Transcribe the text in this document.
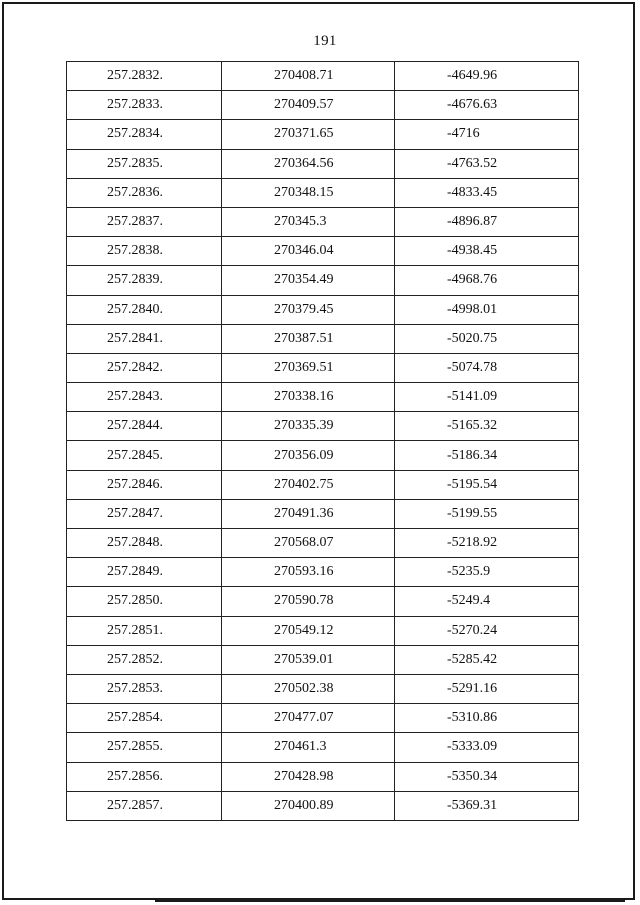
191
257.2832.	270408.71	-4649.96
257.2833.	270409.57	-4676.63
257.2834.	270371.65	-4716
257.2835.	270364.56	-4763.52
257.2836.	270348.15	-4833.45
257.2837.	270345.3	-4896.87
257.2838.	270346.04	-4938.45
257.2839.	270354.49	-4968.76
257.2840.	270379.45	-4998.01
257.2841.	270387.51	-5020.75
257.2842.	270369.51	-5074.78
257.2843.	270338.16	-5141.09
257.2844.	270335.39	-5165.32
257.2845.	270356.09	-5186.34
257.2846.	270402.75	-5195.54
257.2847.	270491.36	-5199.55
257.2848.	270568.07	-5218.92
257.2849.	270593.16	-5235.9
257.2850.	270590.78	-5249.4
257.2851.	270549.12	-5270.24
257.2852.	270539.01	-5285.42
257.2853.	270502.38	-5291.16
257.2854.	270477.07	-5310.86
257.2855.	270461.3	-5333.09
257.2856.	270428.98	-5350.34
257.2857.	270400.89	-5369.31
